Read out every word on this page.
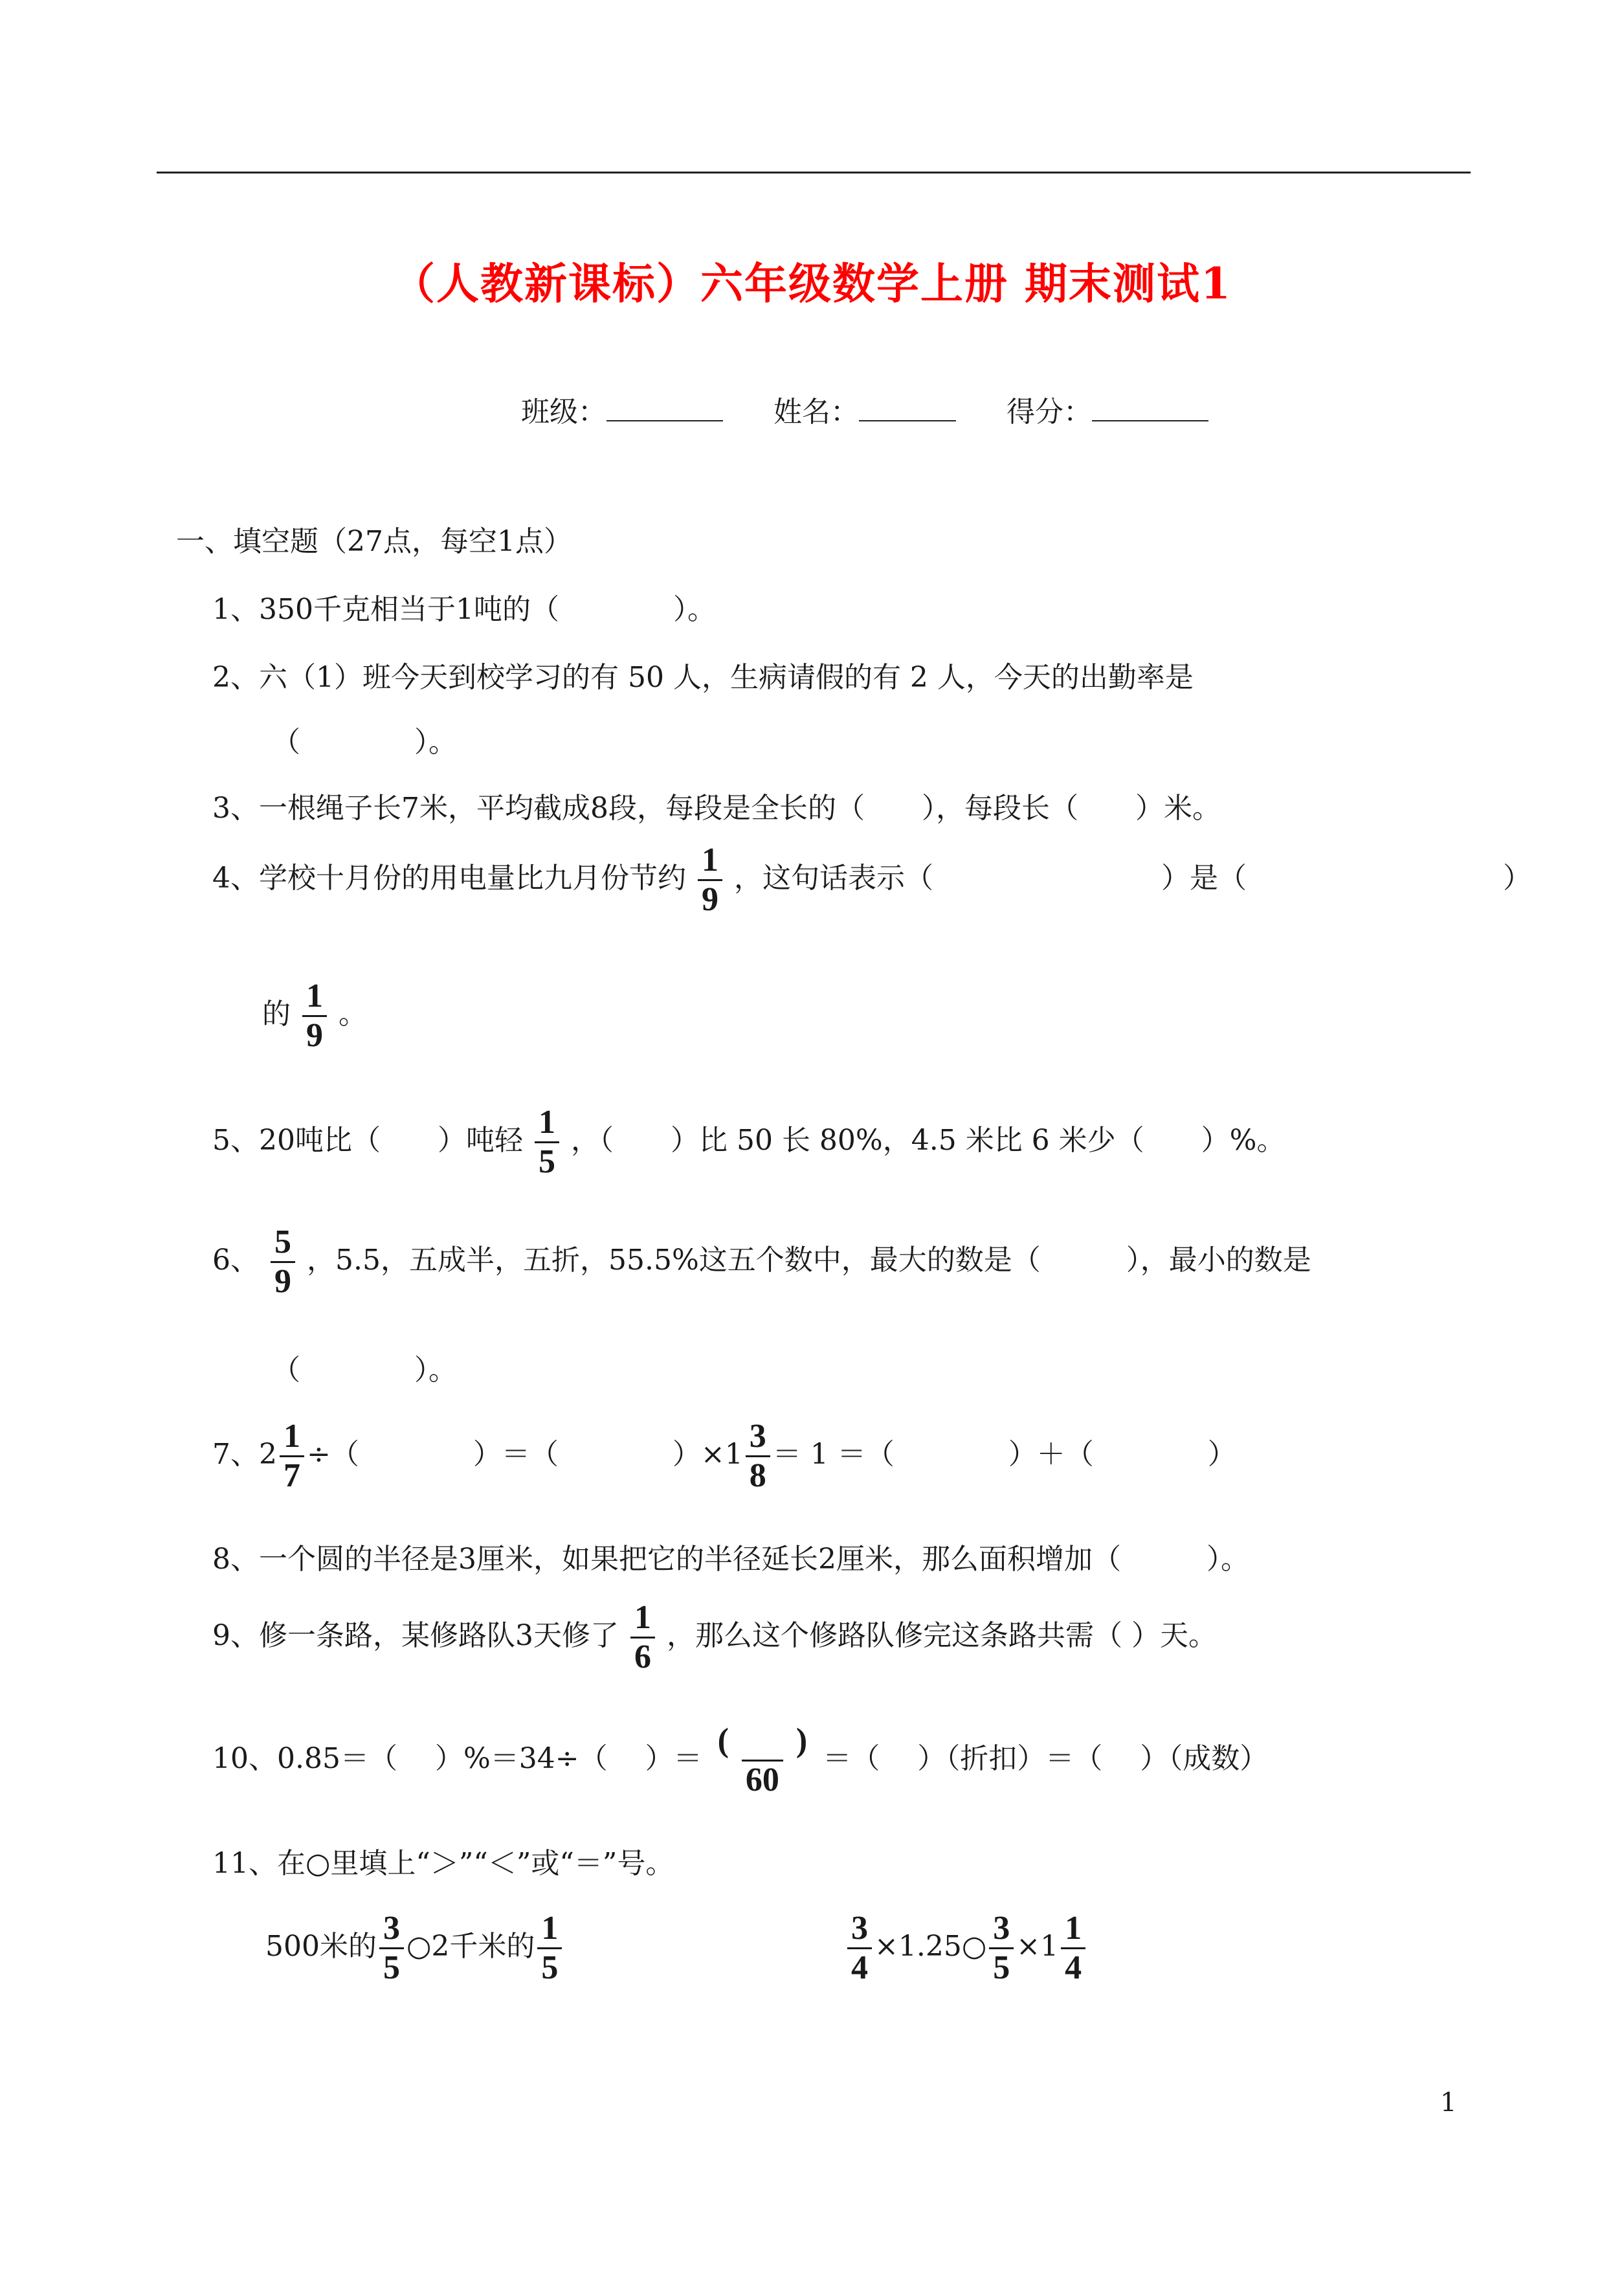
（人教新课标）六年级数学上册 期末测试1
班级：	姓名：	得分：
一、填空题（27点，每空1点）
1、350千克相当于1吨的（　　　　）。
2、六（1）班今天到校学习的有 50 人，生病请假的有 2 人，今天的出勤率是
（　　　　）。
3、一根绳子长7米，平均截成8段，每段是全长的（　　），每段长（　　）米。
4、学校十月份的用电量比九月份节约 $\frac{1}{9}$ ，这句话表示（　　　　　　　　）是（　　　　　　　　　）
的 $\frac{1}{9}$ 。
5、20吨比（　　）吨轻 $\frac{1}{5}$ ，（　　）比 50 长 80%，4.5 米比 6 米少（　　）%。
6、 $\frac{5}{9}$ ，5.5，五成半，五折，55.5%这五个数中，最大的数是（　　　），最小的数是
（　　　　）。
7、$2 \frac{1}{7}$ ÷（　　　　）＝（　　　　）$\times 1 \frac{3}{8} = 1$ ＝（　　　　）＋（　　　　）
8、一个圆的半径是3厘米，如果把它的半径延长2厘米，那么面积增加（　　　）。
9、修一条路，某修路队3天修了 $\frac{1}{6}$ ，那么这个修路队修完这条路共需（ ）天。
10、0.85＝（　 ）%＝34÷（　 ）＝ $\frac{( )}{60}$ ＝（　 ）（折扣）＝（　 ）（成数）
11、在○里填上“＞”“＜”或“＝”号。
500米的 $\frac{3}{5}$ ○2千米的 $\frac{1}{5}$	$\frac{3}{4}$ ×1.25○ $\frac{3}{5} \times 1 \frac{1}{4}$
1
